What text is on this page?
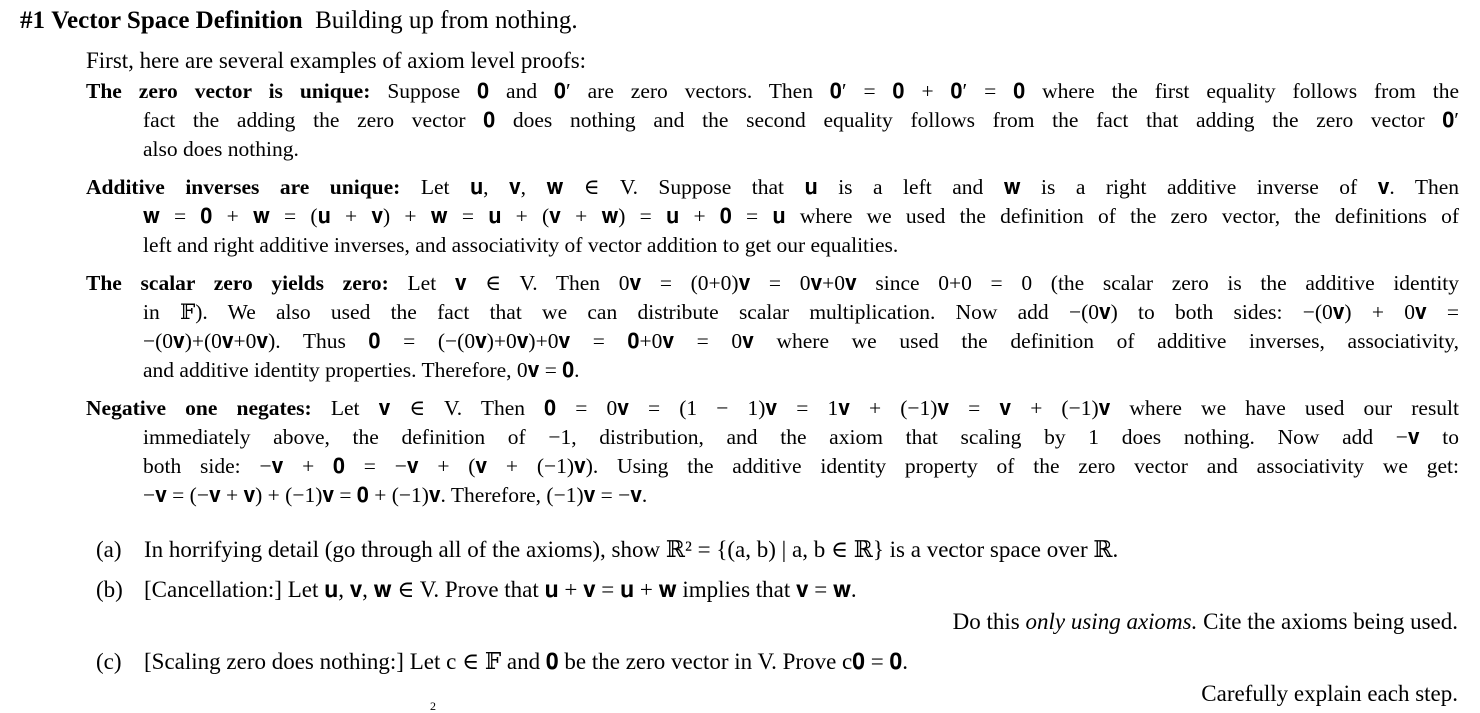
#1 Vector Space Definition Building up from nothing.
First, here are several examples of axiom level proofs:
The zero vector is unique: Suppose 𝟎 and 𝟎′ are zero vectors. Then 𝟎′ = 𝟎 + 𝟎′ = 𝟎 where the first equality follows from the
fact the adding the zero vector 𝟎 does nothing and the second equality follows from the fact that adding the zero vector 𝟎′
also does nothing.
Additive inverses are unique: Let 𝐮, 𝐯, 𝐰 ∈ V. Suppose that 𝐮 is a left and 𝐰 is a right additive inverse of 𝐯. Then
𝐰 = 𝟎 + 𝐰 = (𝐮 + 𝐯) + 𝐰 = 𝐮 + (𝐯 + 𝐰) = 𝐮 + 𝟎 = 𝐮 where we used the definition of the zero vector, the definitions of
left and right additive inverses, and associativity of vector addition to get our equalities.
The scalar zero yields zero: Let 𝐯 ∈ V. Then 0𝐯 = (0+0)𝐯 = 0𝐯+0𝐯 since 0+0 = 0 (the scalar zero is the additive identity
in 𝔽). We also used the fact that we can distribute scalar multiplication. Now add −(0𝐯) to both sides: −(0𝐯) + 0𝐯 =
−(0𝐯)+(0𝐯+0𝐯). Thus 𝟎 = (−(0𝐯)+0𝐯)+0𝐯 = 𝟎+0𝐯 = 0𝐯 where we used the definition of additive inverses, associativity,
and additive identity properties. Therefore, 0𝐯 = 𝟎.
Negative one negates: Let 𝐯 ∈ V. Then 𝟎 = 0𝐯 = (1 − 1)𝐯 = 1𝐯 + (−1)𝐯 = 𝐯 + (−1)𝐯 where we have used our result
immediately above, the definition of −1, distribution, and the axiom that scaling by 1 does nothing. Now add −𝐯 to
both side: −𝐯 + 𝟎 = −𝐯 + (𝐯 + (−1)𝐯). Using the additive identity property of the zero vector and associativity we get:
−𝐯 = (−𝐯 + 𝐯) + (−1)𝐯 = 𝟎 + (−1)𝐯. Therefore, (−1)𝐯 = −𝐯.
(a) In horrifying detail (go through all of the axioms), show ℝ² = {(a, b) | a, b ∈ ℝ} is a vector space over ℝ.
(b) [Cancellation:] Let 𝐮, 𝐯, 𝐰 ∈ V. Prove that 𝐮 + 𝐯 = 𝐮 + 𝐰 implies that 𝐯 = 𝐰.
Do this only using axioms. Cite the axioms being used.
(c) [Scaling zero does nothing:] Let c ∈ 𝔽 and 𝟎 be the zero vector in V. Prove c𝟎 = 𝟎.
Carefully explain each step.
2
